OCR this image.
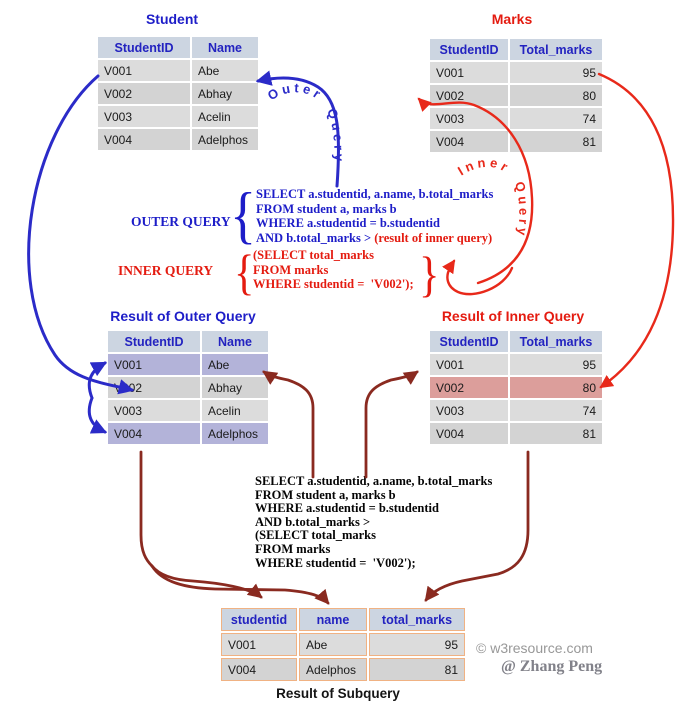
Student	Marks
Result of Outer Query	Result of Inner Query
StudentID	Name
V001	Abe
V002	Abhay
V003	Acelin
V004	Adelphos
StudentID	Total_marks
V001	95
V002	80
V003	74
V004	81
StudentID	Name
V001	Abe
V002	Abhay
V003	Acelin
V004	Adelphos
StudentID	Total_marks
V001	95
V002	80
V003	74
V004	81
OUTER QUERY { SELECT a.studentid, a.name, b.total_marks
FROM student a, marks b
WHERE a.studentid = b.studentid
AND b.total_marks > (result of inner query)
INNER QUERY {
(SELECT total_marks
FROM marks
WHERE studentid =  'V002'); }
SELECT a.studentid, a.name, b.total_marks
FROM student a, marks b
WHERE a.studentid = b.studentid
AND b.total_marks >
(SELECT total_marks
FROM marks
WHERE studentid =  'V002');
studentid	name	total_marks
V001	Abe	95
V004	Adelphos	81
Result of Subquery
© w3resource.com
@ Zhang Peng
Outer Query
Inner Query
